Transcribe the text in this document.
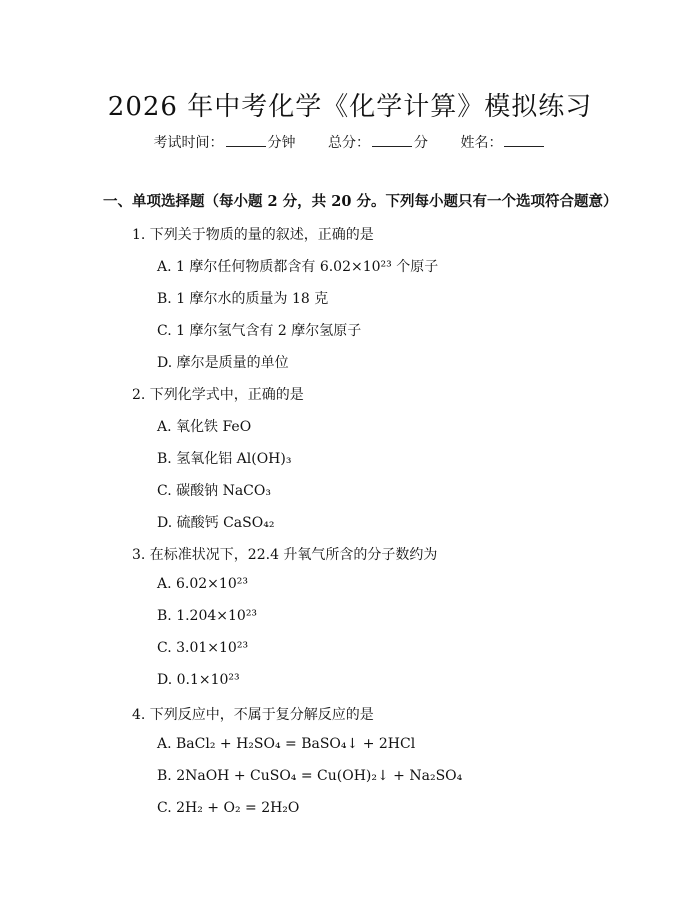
2026 年中考化学《化学计算》模拟练习
考试时间：	分钟 总分：	分 姓名：
一、单项选择题（每小题 2 分，共 20 分。下列每小题只有一个选项符合题意）
1. 下列关于物质的量的叙述，正确的是
A. 1 摩尔任何物质都含有 6.02×10²³ 个原子
B. 1 摩尔水的质量为 18 克
C. 1 摩尔氢气含有 2 摩尔氢原子
D. 摩尔是质量的单位
2. 下列化学式中，正确的是
A. 氧化铁 FeO
B. 氢氧化铝 Al(OH)₃
C. 碳酸钠 NaCO₃
D. 硫酸钙 CaSO₄₂
3. 在标准状况下，22.4 升氧气所含的分子数约为
A. 6.02×10²³
B. 1.204×10²³
C. 3.01×10²³
D. 0.1×10²³
4. 下列反应中，不属于复分解反应的是
A. BaCl₂ + H₂SO₄ = BaSO₄↓ + 2HCl
B. 2NaOH + CuSO₄ = Cu(OH)₂↓ + Na₂SO₄
C. 2H₂ + O₂ = 2H₂O
